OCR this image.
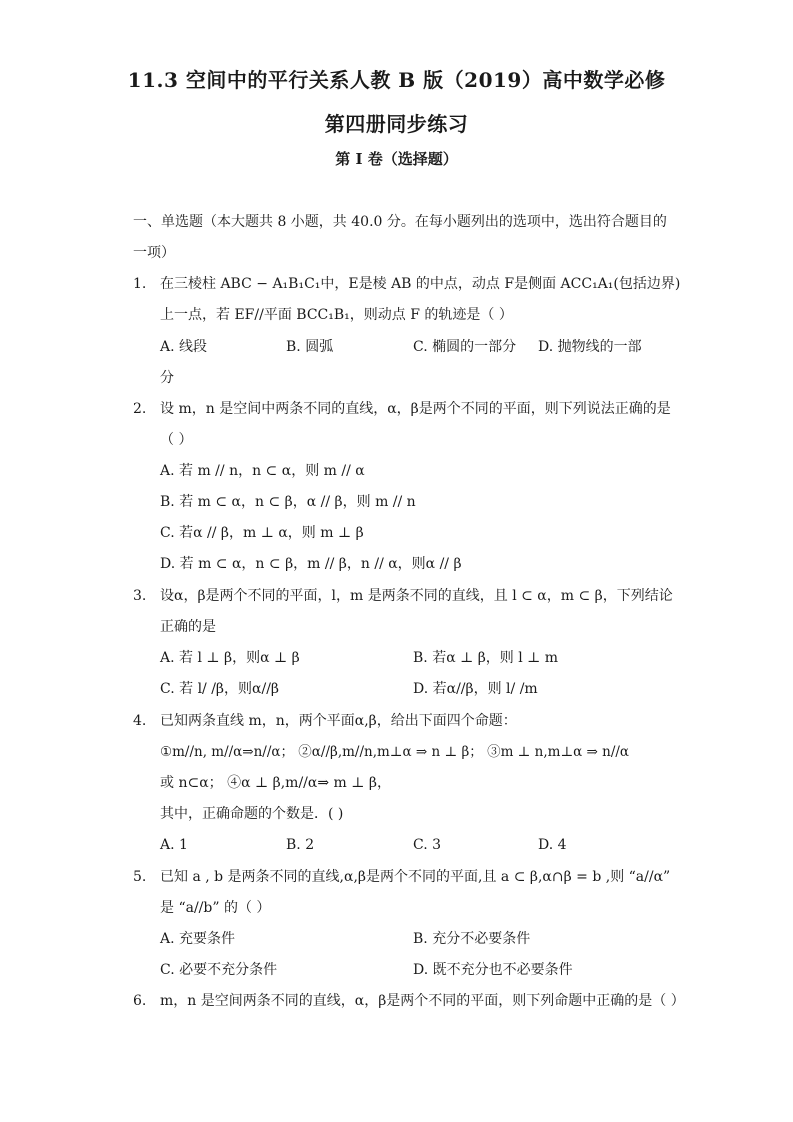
11.3 空间中的平行关系人教 B 版（2019）高中数学必修
第四册同步练习
第 I 卷（选择题）
一、单选题（本大题共 8 小题，共 40.0 分。在每小题列出的选项中，选出符合题目的
一项）
1. 在三棱柱 ABC − A₁B₁C₁中，E是棱 AB 的中点，动点 F是侧面 ACC₁A₁(包括边界)
上一点，若 EF//平面 BCC₁B₁，则动点 F 的轨迹是（ ）
A. 线段	B. 圆弧	C. 椭圆的一部分 D. 抛物线的一部
分
2. 设 m，n 是空间中两条不同的直线，α，β是两个不同的平面，则下列说法正确的是
（ ）
A. 若 m // n，n ⊂ α，则 m // α
B. 若 m ⊂ α，n ⊂ β，α // β，则 m // n
C. 若α // β，m ⊥ α，则 m ⊥ β
D. 若 m ⊂ α，n ⊂ β，m // β，n // α，则α // β
3. 设α，β是两个不同的平面，l，m 是两条不同的直线，且 l ⊂ α，m ⊂ β，下列结论
正确的是
A. 若 l ⊥ β，则α ⊥ β	B. 若α ⊥ β，则 l ⊥ m
C. 若 l/ /β，则α//β	D. 若α//β，则 l/ /m
4. 已知两条直线 m，n，两个平面α,β，给出下面四个命题：
①m//n, m//α⇒n//α； ②α//β,m//n,m⊥α ⇒ n ⊥ β； ③m ⊥ n,m⊥α ⇒ n//α
或 n⊂α； ④α ⊥ β,m//α⇒ m ⊥ β，
其中，正确命题的个数是．( )
A. 1	B. 2	C. 3	D. 4
5. 已知 a , b 是两条不同的直线,α,β是两个不同的平面,且 a ⊂ β,α∩β = b ,则 “a//α”
是 “a//b” 的（ ）
A. 充要条件	B. 充分不必要条件
C. 必要不充分条件	D. 既不充分也不必要条件
6. m，n 是空间两条不同的直线，α，β是两个不同的平面，则下列命题中正确的是（ ）
